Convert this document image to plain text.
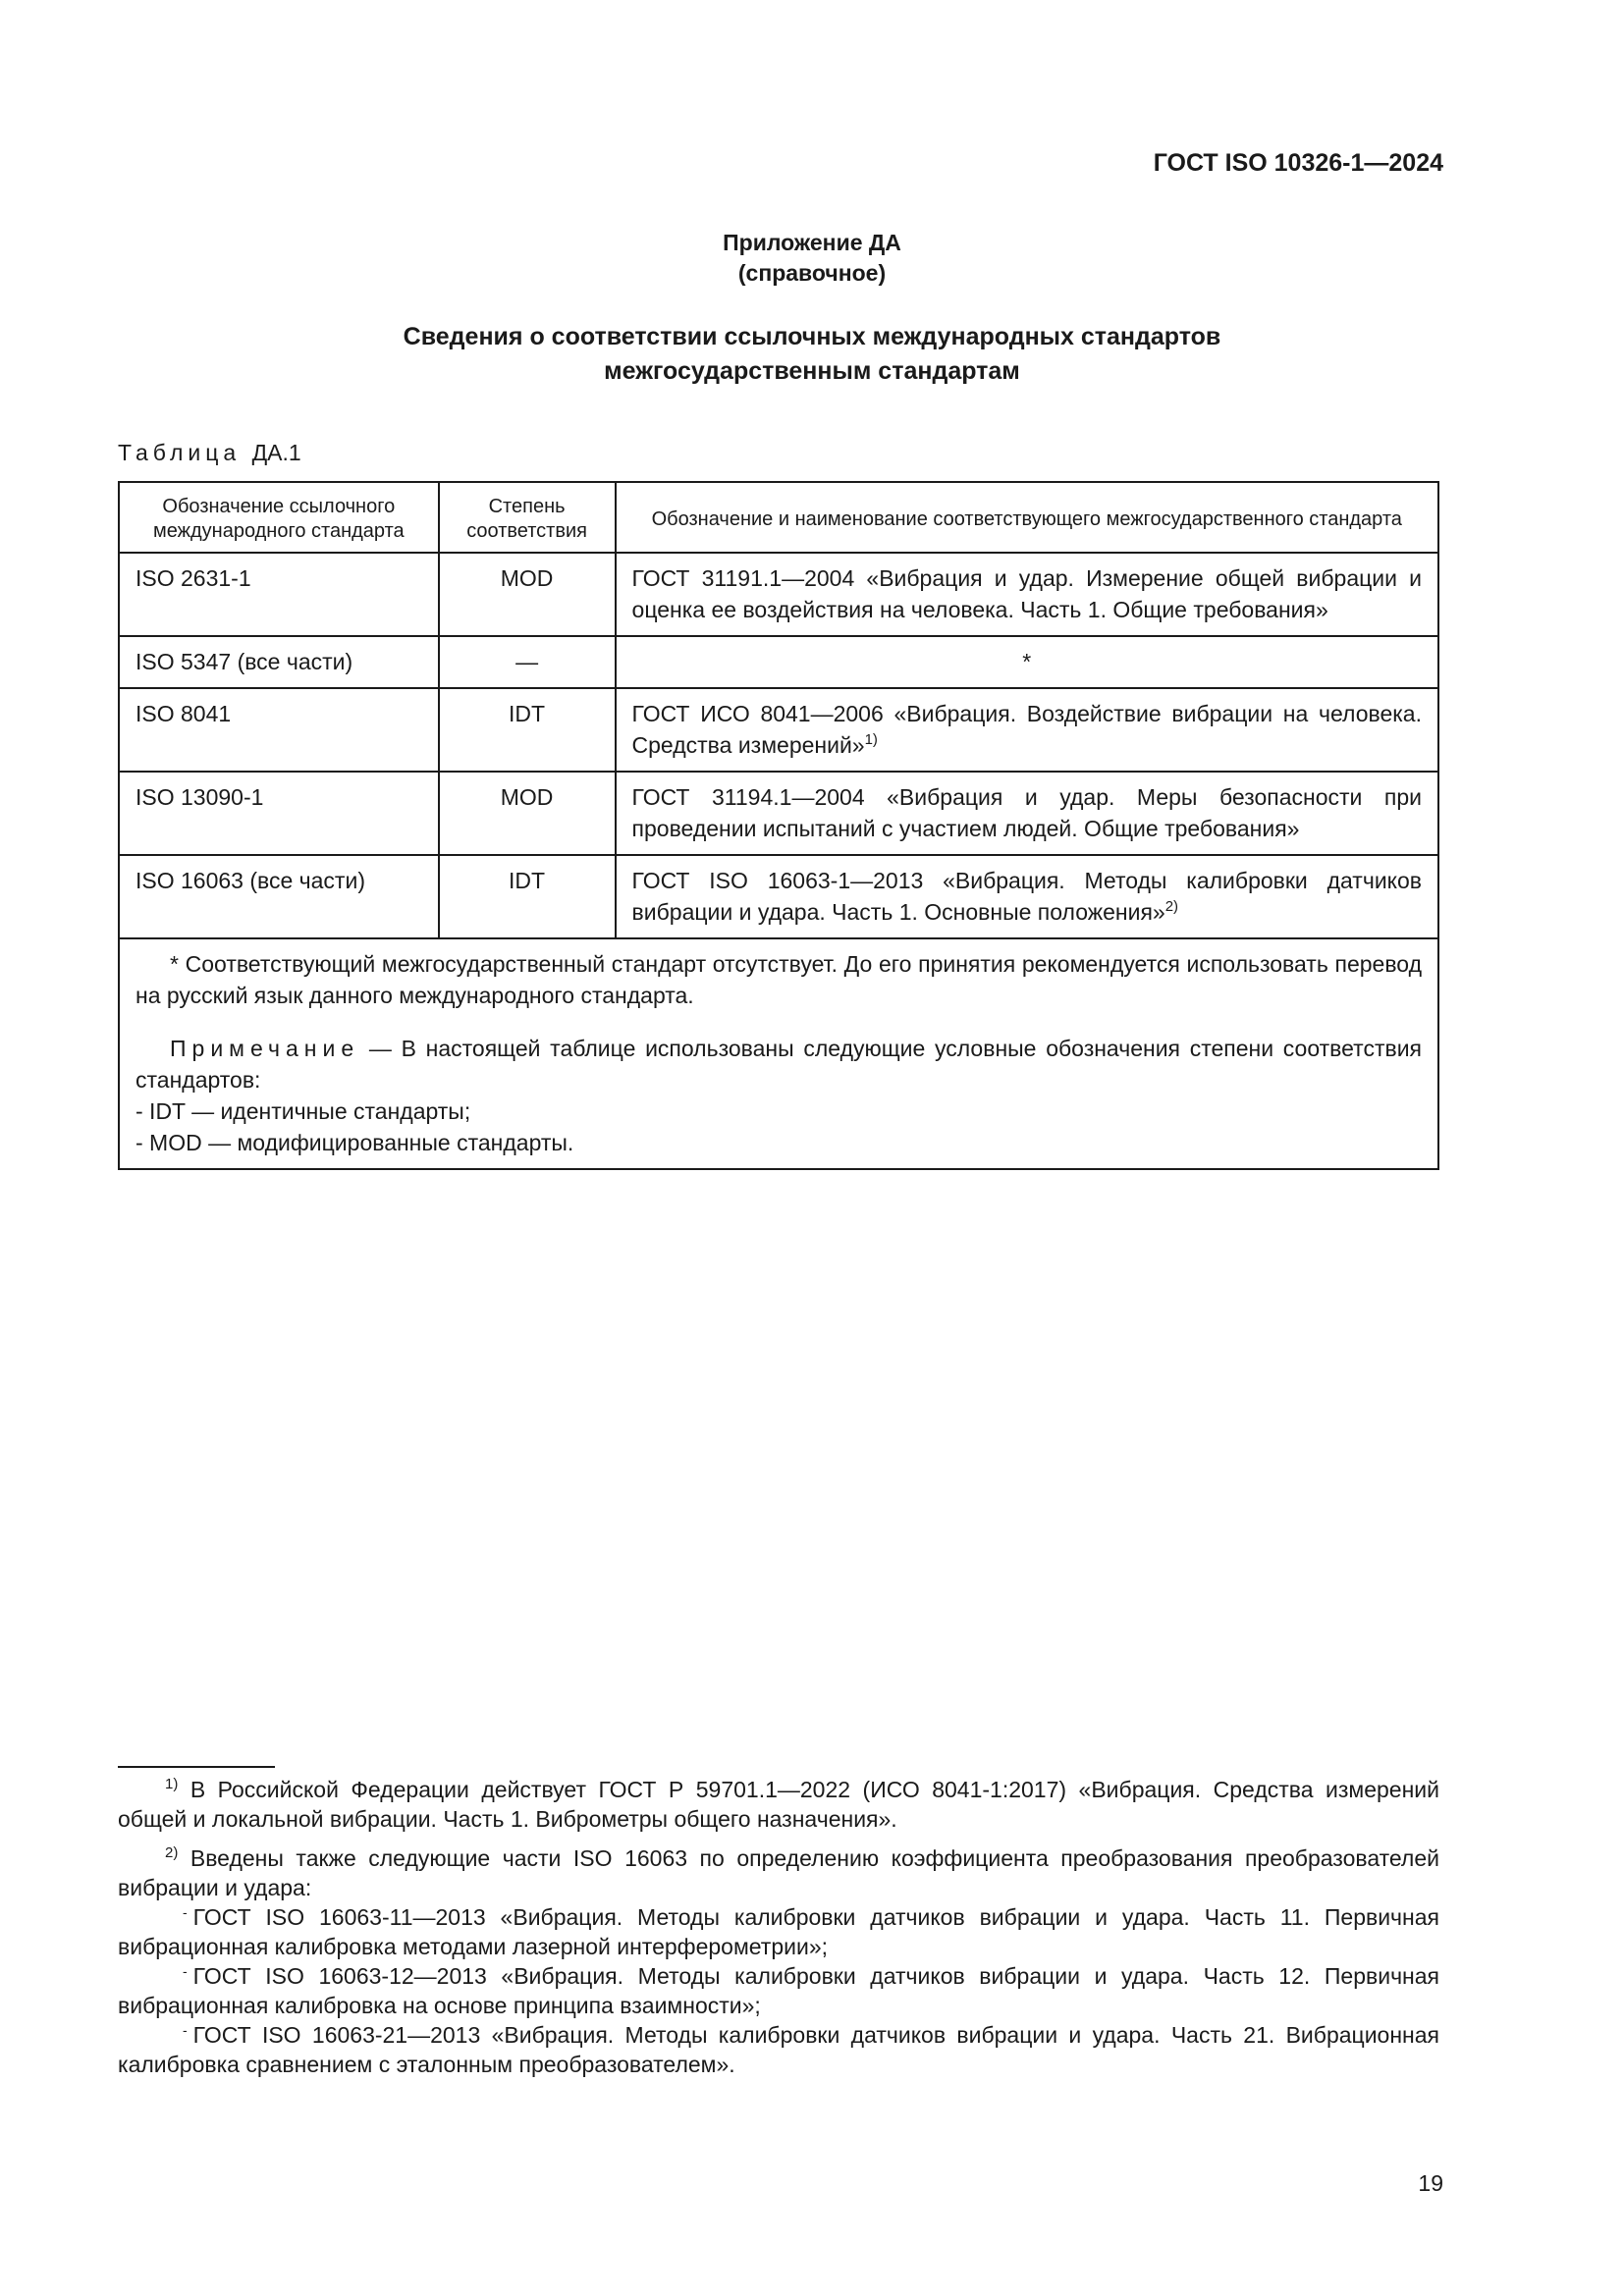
ГОСТ ISO 10326-1—2024
Приложение ДА
(справочное)
Сведения о соответствии ссылочных международных стандартов
межгосударственным стандартам
Таблица ДА.1
Обозначение ссылочного международного стандарта	Степень соответствия	Обозначение и наименование соответствующего межгосударственного стандарта
ISO 2631-1	MOD	ГОСТ 31191.1—2004 «Вибрация и удар. Измерение общей вибрации и оценка ее воздействия на человека. Часть 1. Общие требования»
ISO 5347 (все части)	—	*
ISO 8041	IDT	ГОСТ ИСО 8041—2006 «Вибрация. Воздействие вибрации на человека. Средства измерений»$^{1)}$
ISO 13090-1	MOD	ГОСТ 31194.1—2004 «Вибрация и удар. Меры безопасности при проведении испытаний с участием людей. Общие требования»
ISO 16063 (все части)	IDT	ГОСТ ISO 16063-1—2013 «Вибрация. Методы калибровки датчиков вибрации и удара. Часть 1. Основные положения»$^{2)}$

* Соответствующий межгосударственный стандарт отсутствует. До его принятия рекомендуется использовать перевод на русский язык данного международного стандарта.

Примечание — В настоящей таблице использованы следующие условные обозначения степени соответствия стандартов:

- IDT — идентичные стандарты;

- MOD — модифицированные стандарты.		

$^{1)}$ В Российской Федерации действует ГОСТ Р 59701.1—2022 (ИСО 8041-1:2017) «Вибрация. Средства измерений общей и локальной вибрации. Часть 1. Виброметры общего назначения».

$^{2)}$ Введены также следующие части ISO 16063 по определению коэффициента преобразования преобразователей вибрации и удара:

- ГОСТ ISO 16063-11—2013 «Вибрация. Методы калибровки датчиков вибрации и удара. Часть 11. Первичная вибрационная калибровка методами лазерной интерферометрии»;

- ГОСТ ISO 16063-12—2013 «Вибрация. Методы калибровки датчиков вибрации и удара. Часть 12. Первичная вибрационная калибровка на основе принципа взаимности»;

- ГОСТ ISO 16063-21—2013 «Вибрация. Методы калибровки датчиков вибрации и удара. Часть 21. Вибрационная калибровка сравнением с эталонным преобразователем».

19
